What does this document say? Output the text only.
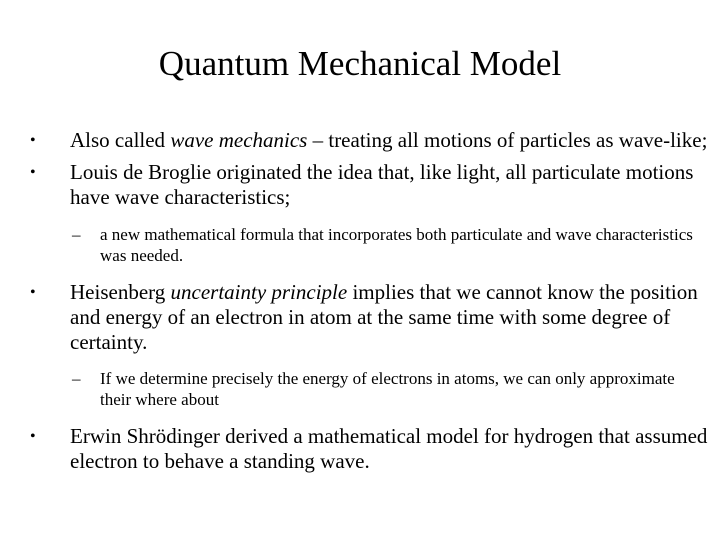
Quantum Mechanical Model

•	Also called wave mechanics – treating all motions of particles as wave-like;

•	Louis de Broglie originated the idea that, like light, all particulate motions have wave characteristics;

– a new mathematical formula that incorporates both particulate and wave characteristics was needed.

•	Heisenberg uncertainty principle implies that we cannot know the position and energy of an electron in atom at the same time with some degree of certainty.

– If we determine precisely the energy of electrons in atoms, we can only approximate their where about

•	Erwin Shrödinger derived a mathematical model for hydrogen that assumed electron to behave a standing wave.
